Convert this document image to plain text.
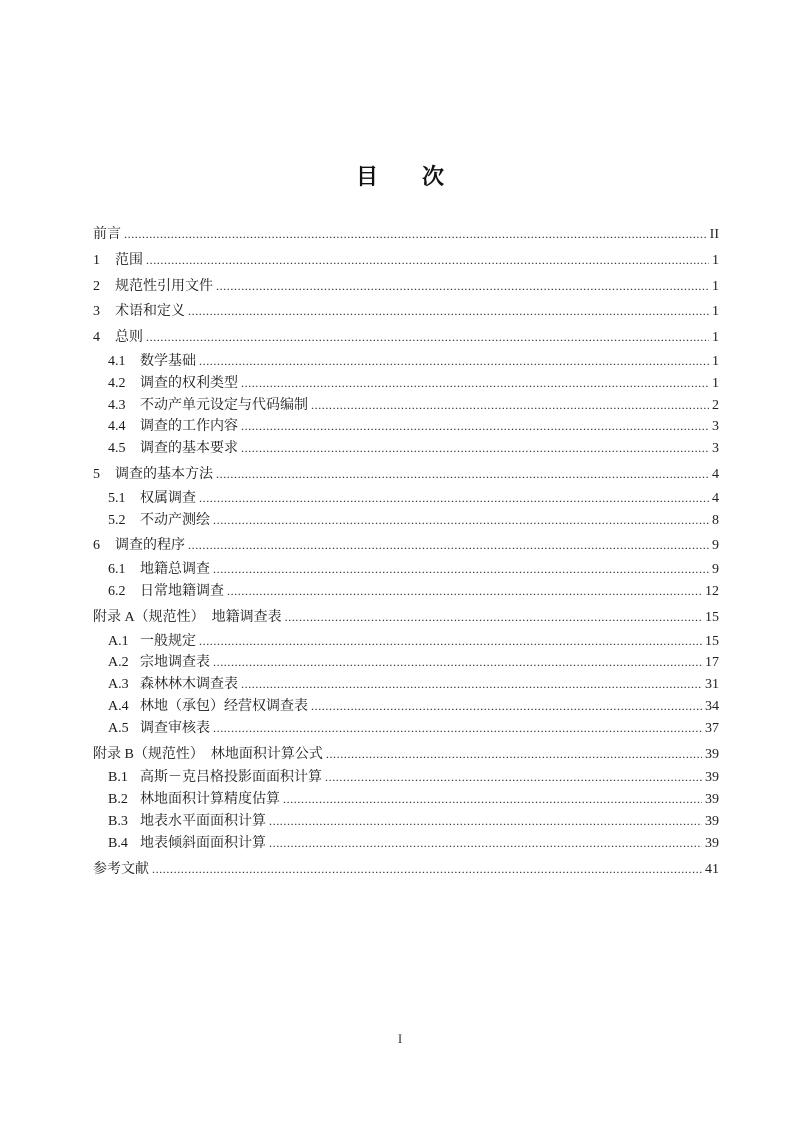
目　　次
前言 .....	II
1	范围 .....	1
2	规范性引用文件 .....	1
3	术语和定义 .....	1
4	总则 .....	1
4.1	数学基础 .....	1
4.2	调查的权利类型 .....	1
4.3	不动产单元设定与代码编制 .....	2
4.4	调查的工作内容 .....	3
4.5	调查的基本要求 .....	3
5	调查的基本方法 .....	4
5.1	权属调查 .....	4
5.2	不动产测绘 .....	8
6	调查的程序 .....	9
6.1	地籍总调查 .....	9
6.2	日常地籍调查 .....	12
附录 A（规范性）　地籍调查表 .....	15
A.1 一般规定 .....	15
A.2 宗地调查表 .....	17
A.3 森林林木调查表 .....	31
A.4 林地（承包）经营权调查表 .....	34
A.5 调查审核表 .....	37
附录 B（规范性）　林地面积计算公式 .....	39
B.1 高斯－克吕格投影面面积计算 .....	39
B.2 林地面积计算精度估算 .....	39
B.3 地表水平面面积计算 .....	39
B.4 地表倾斜面面积计算 .....	39
参考文献 .....	41
I
